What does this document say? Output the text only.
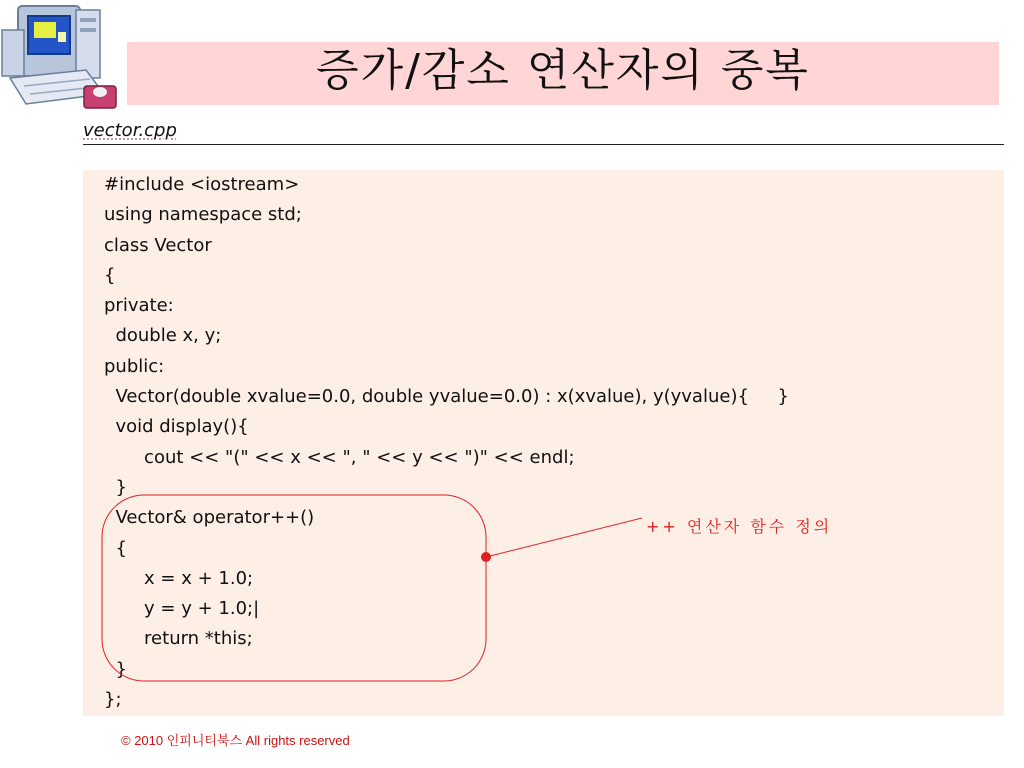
증가/감소 연산자의 중복
vector.cpp
#include <iostream>
using namespace std;
class Vector
{
private:
double x, y;
public:
Vector(double xvalue=0.0, double yvalue=0.0) : x(xvalue), y(yvalue){     }
void display(){
cout << "(" << x << ", " << y << ")" << endl;
}
Vector& operator++()
{
x = x + 1.0;
y = y + 1.0;|
return *this;
}
};
++ 연산자 함수 정의
© 2010 인피니티북스 All rights reserved
